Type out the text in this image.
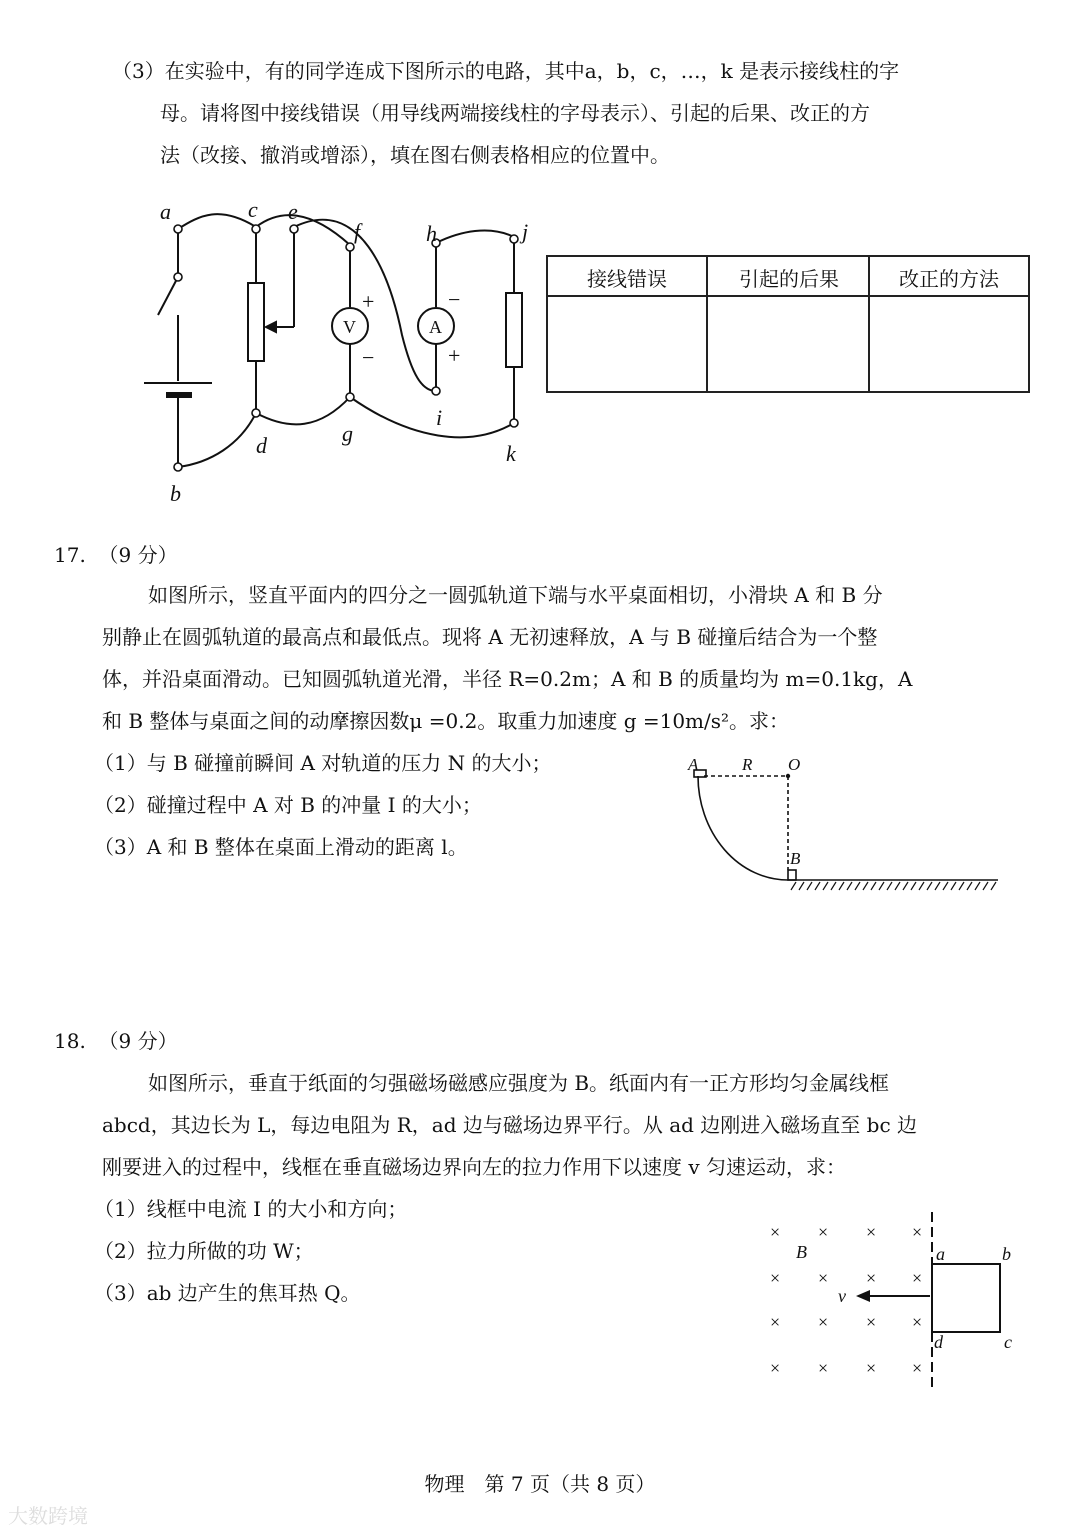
（3）在实验中，有的同学连成下图所示的电路，其中a，b，c，…，k 是表示接线柱的字
母。请将图中接线错误（用导线两端接线柱的字母表示）、引起的后果、改正的方
法（改接、撤消或增添），填在图右侧表格相应的位置中。
a
b
c
d
e
f
g
h
i
j
k
V	A
+
−
−
+
接线错误	引起的后果	改正的方法
17. （9 分）
如图所示，竖直平面内的四分之一圆弧轨道下端与水平桌面相切，小滑块 A 和 B 分
别静止在圆弧轨道的最高点和最低点。现将 A 无初速释放，A 与 B 碰撞后结合为一个整
体，并沿桌面滑动。已知圆弧轨道光滑，半径 R=0.2m；A 和 B 的质量均为 m=0.1kg，A
和 B 整体与桌面之间的动摩擦因数μ =0.2。取重力加速度 g =10m/s²。求：
（1）与 B 碰撞前瞬间 A 对轨道的压力 N 的大小；
（2）碰撞过程中 A 对 B 的冲量 I 的大小；
（3）A 和 B 整体在桌面上滑动的距离 l。
A	R O
B
18. （9 分）
如图所示，垂直于纸面的匀强磁场磁感应强度为 B。纸面内有一正方形均匀金属线框
abcd，其边长为 L，每边电阻为 R，ad 边与磁场边界平行。从 ad 边刚进入磁场直至 bc 边
刚要进入的过程中，线框在垂直磁场边界向左的拉力作用下以速度 v 匀速运动，求：
（1）线框中电流 I 的大小和方向；
（2）拉力所做的功 W；
（3）ab 边产生的焦耳热 Q。
× × × ×
× × × ×
× × × ×
× × × ×
B
v
a	b
c
d
物理　第 7 页（共 8 页）
大数跨境
